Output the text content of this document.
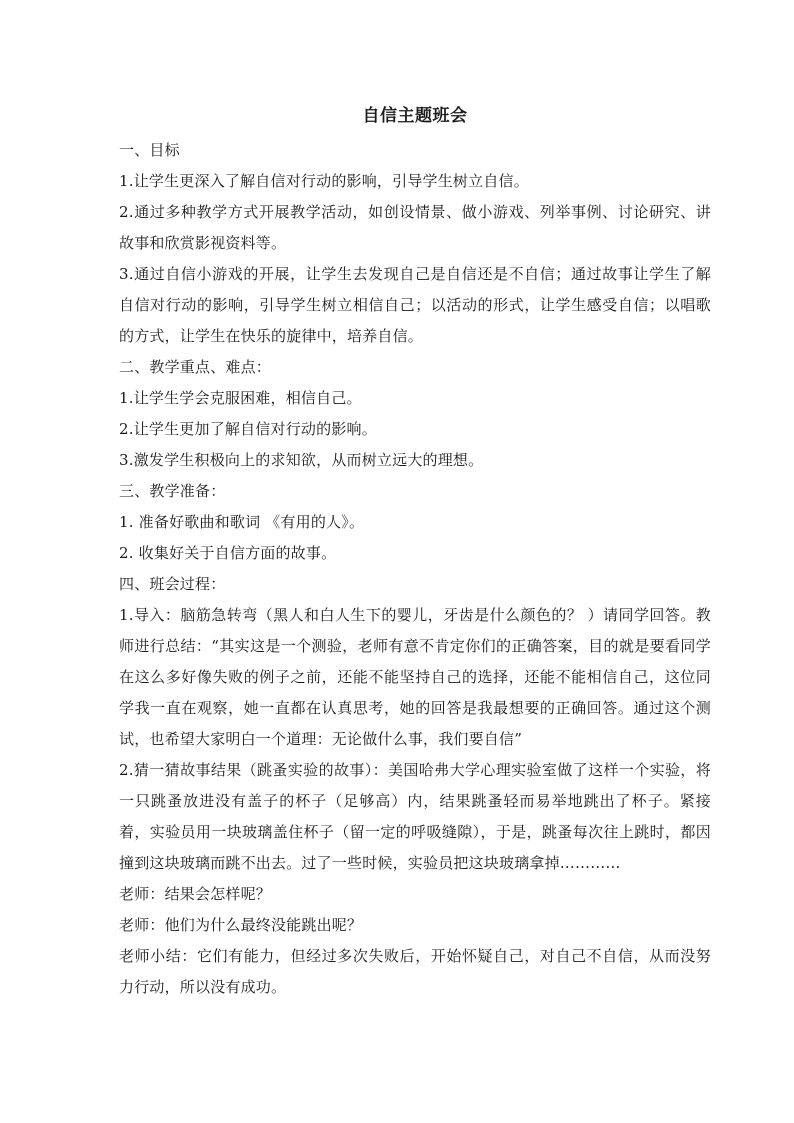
自信主题班会

一、目标

1.让学生更深入了解自信对行动的影响，引导学生树立自信。

2.通过多种教学方式开展教学活动，如创设情景、做小游戏、列举事例、讨论研究、讲故事和欣赏影视资料等。

3.通过自信小游戏的开展，让学生去发现自己是自信还是不自信；通过故事让学生了解自信对行动的影响，引导学生树立相信自己；以活动的形式，让学生感受自信；以唱歌的方式，让学生在快乐的旋律中，培养自信。

二、教学重点、难点：

1.让学生学会克服困难，相信自己。

2.让学生更加了解自信对行动的影响。

3.激发学生积极向上的求知欲，从而树立远大的理想。

三、教学准备：

1. 准备好歌曲和歌词 《有用的人》。

2. 收集好关于自信方面的故事。

四、班会过程：

1.导入：脑筋急转弯（黑人和白人生下的婴儿，牙齿是什么颜色的？ ）请同学回答。教师进行总结：“其实这是一个测验，老师有意不肯定你们的正确答案，目的就是要看同学在这么多好像失败的例子之前，还能不能坚持自己的选择，还能不能相信自己，这位同学我一直在观察，她一直都在认真思考，她的回答是我最想要的正确回答。通过这个测试，也希望大家明白一个道理：无论做什么事，我们要自信”

2.猜一猜故事结果（跳蚤实验的故事）：美国哈弗大学心理实验室做了这样一个实验，将一只跳蚤放进没有盖子的杯子（足够高）内，结果跳蚤轻而易举地跳出了杯子。紧接着，实验员用一块玻璃盖住杯子（留一定的呼吸缝隙），于是，跳蚤每次往上跳时，都因撞到这块玻璃而跳不出去。过了一些时候，实验员把这块玻璃拿掉…………

老师：结果会怎样呢？

老师：他们为什么最终没能跳出呢？

老师小结：它们有能力，但经过多次失败后，开始怀疑自己，对自己不自信，从而没努力行动，所以没有成功。
